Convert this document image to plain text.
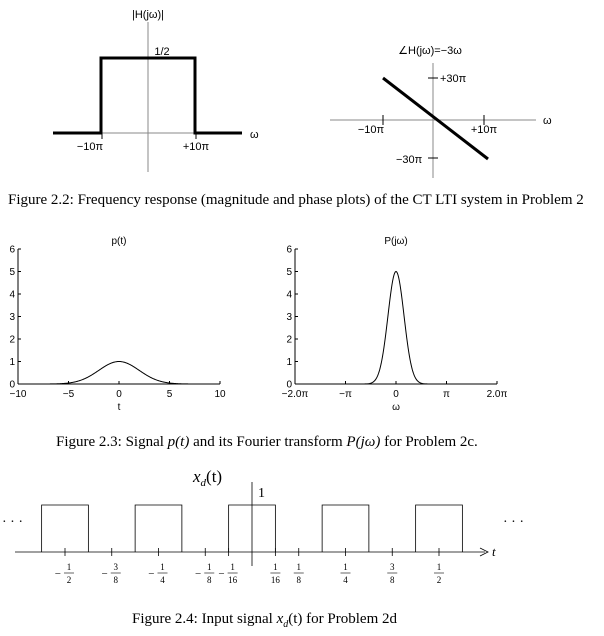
|H(jω)|
1/2
ω
−10π	+10π
∠H(jω)=−3ω
ω
−10π	+10π
+30π
−30π
p(t)
t
0
1
2
3
4
5
6
−10	−5	0	5	10
P(jω)
ω
0
1
2
3
4
5
6
−2.0π	−π	0	π	2.0π
$x_d(t)$
1
t
· · ·	· · ·
1
2
−
3
8
−
1
4
−
1
8
−
1
16
−
1
16
1
8
1
4
3
8
1
2
Figure 2.2: Frequency response (magnitude and phase plots) of the CT LTI system in Problem 2
Figure 2.3: Signal p(t) and its Fourier transform P(jω) for Problem 2c.
Figure 2.4: Input signal $x_d(t)$ for Problem 2d
